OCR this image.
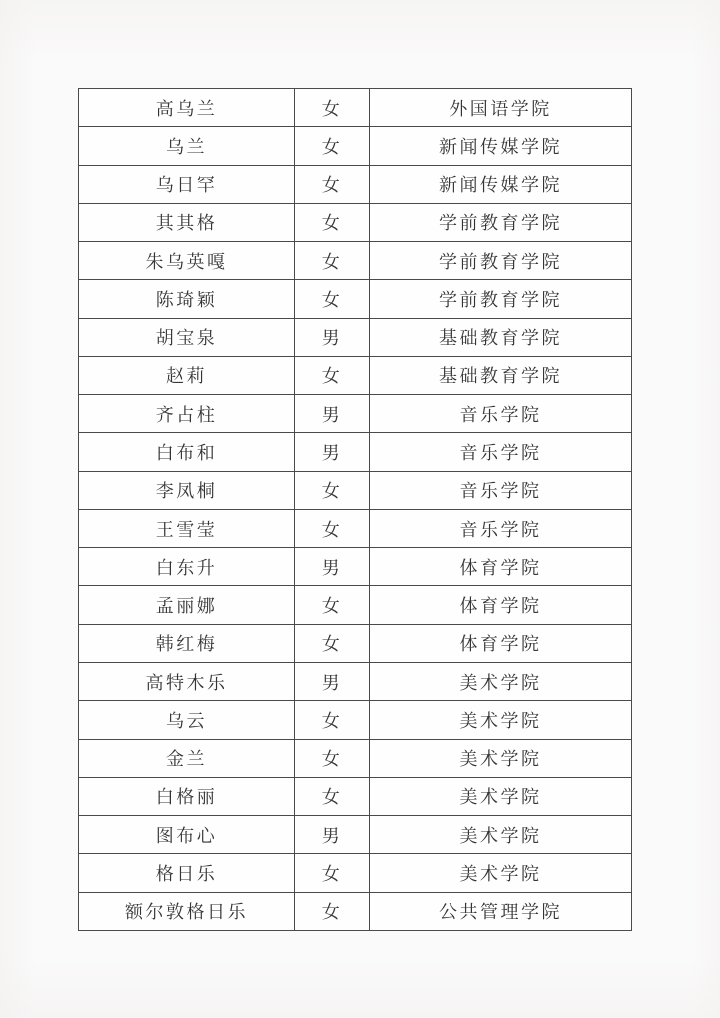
高乌兰	女	外国语学院
乌兰	女	新闻传媒学院
乌日罕	女	新闻传媒学院
其其格	女	学前教育学院
朱乌英嘎	女	学前教育学院
陈琦颖	女	学前教育学院
胡宝泉	男	基础教育学院
赵莉	女	基础教育学院
齐占柱	男	音乐学院
白布和	男	音乐学院
李凤桐	女	音乐学院
王雪莹	女	音乐学院
白东升	男	体育学院
孟丽娜	女	体育学院
韩红梅	女	体育学院
高特木乐	男	美术学院
乌云	女	美术学院
金兰	女	美术学院
白格丽	女	美术学院
图布心	男	美术学院
格日乐	女	美术学院
额尔敦格日乐	女	公共管理学院
